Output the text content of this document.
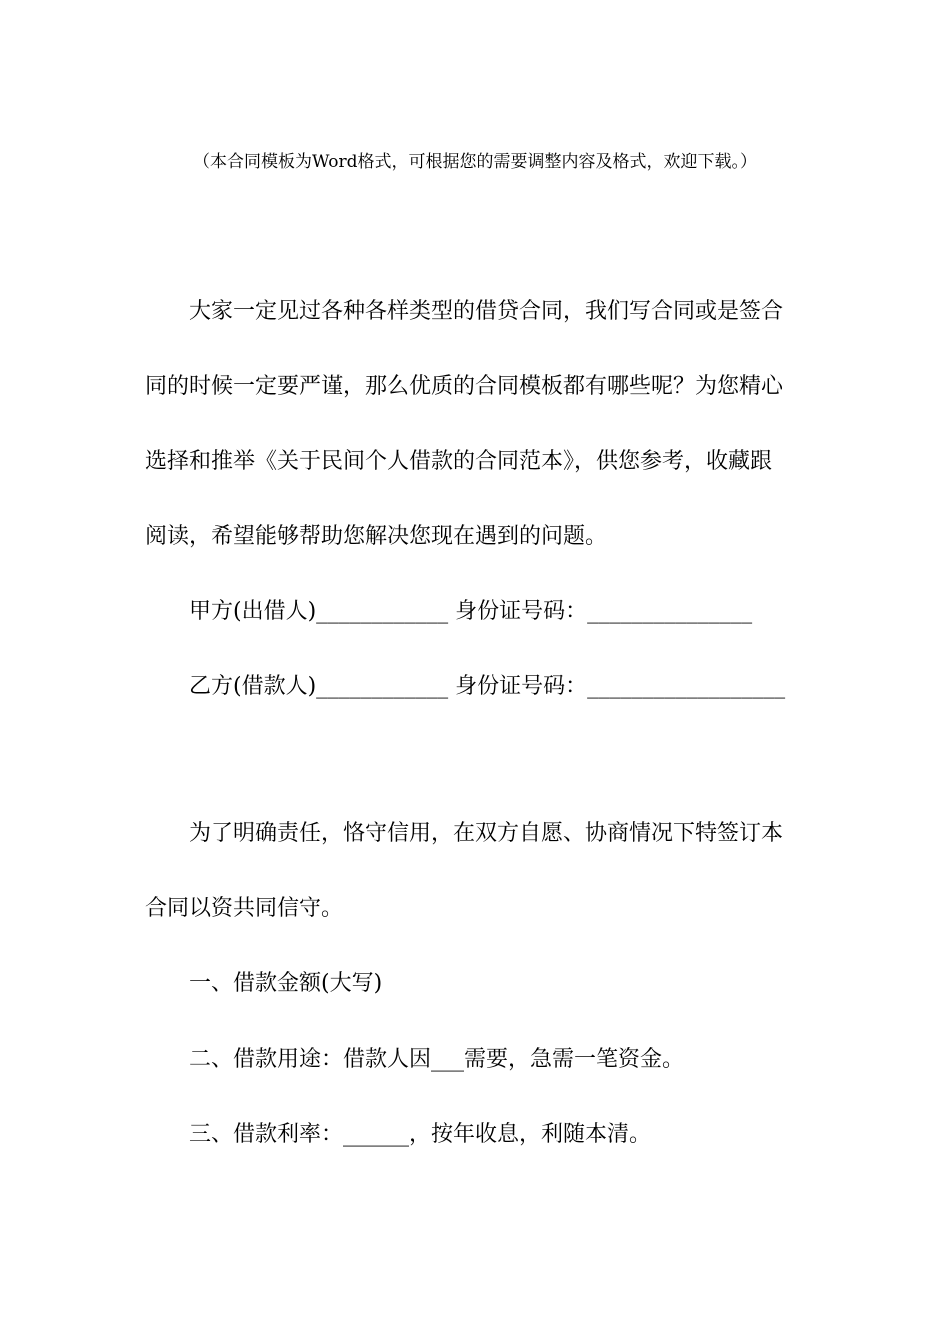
（本合同模板为Word格式，可根据您的需要调整内容及格式，欢迎下载。）
大家一定见过各种各样类型的借贷合同，我们写合同或是签合
同的时候一定要严谨，那么优质的合同模板都有哪些呢？为您精心
选择和推举《关于民间个人借款的合同范本》，供您参考，收藏跟
阅读，希望能够帮助您解决您现在遇到的问题。
甲方(出借人)____________ 身份证号码：_______________
乙方(借款人)____________ 身份证号码：__________________
为了明确责任，恪守信用，在双方自愿、协商情况下特签订本
合同以资共同信守。
一、借款金额(大写)
二、借款用途：借款人因___需要，急需一笔资金。
三、借款利率：______，按年收息，利随本清。
